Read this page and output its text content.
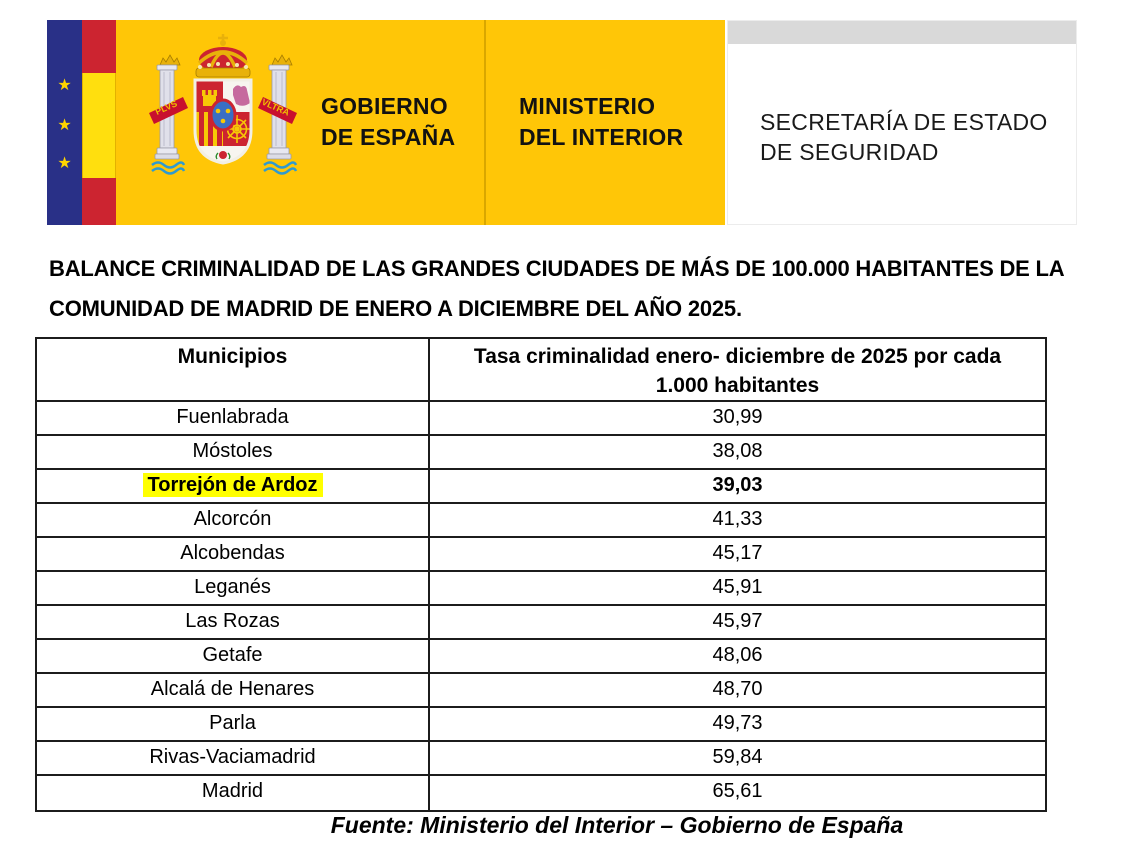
★
★
★
PLVS	VLTRA GOBIERNO
DE ESPAÑA
MINISTERIO
DEL INTERIOR
SECRETARÍA DE ESTADO
DE SEGURIDAD
BALANCE CRIMINALIDAD DE LAS GRANDES CIUDADES DE MÁS DE 100.000 HABITANTES DE LA
COMUNIDAD DE MADRID DE ENERO A DICIEMBRE DEL AÑO 2025.
Municipios	Tasa criminalidad enero- diciembre de 2025 por cada
1.000 habitantes
Fuenlabrada	30,99
Móstoles	38,08
Torrejón de Ardoz	39,03
Alcorcón	41,33
Alcobendas	45,17
Leganés	45,91
Las Rozas	45,97
Getafe	48,06
Alcalá de Henares	48,70
Parla	49,73
Rivas-Vaciamadrid	59,84
Madrid	65,61
Fuente: Ministerio del Interior – Gobierno de España
